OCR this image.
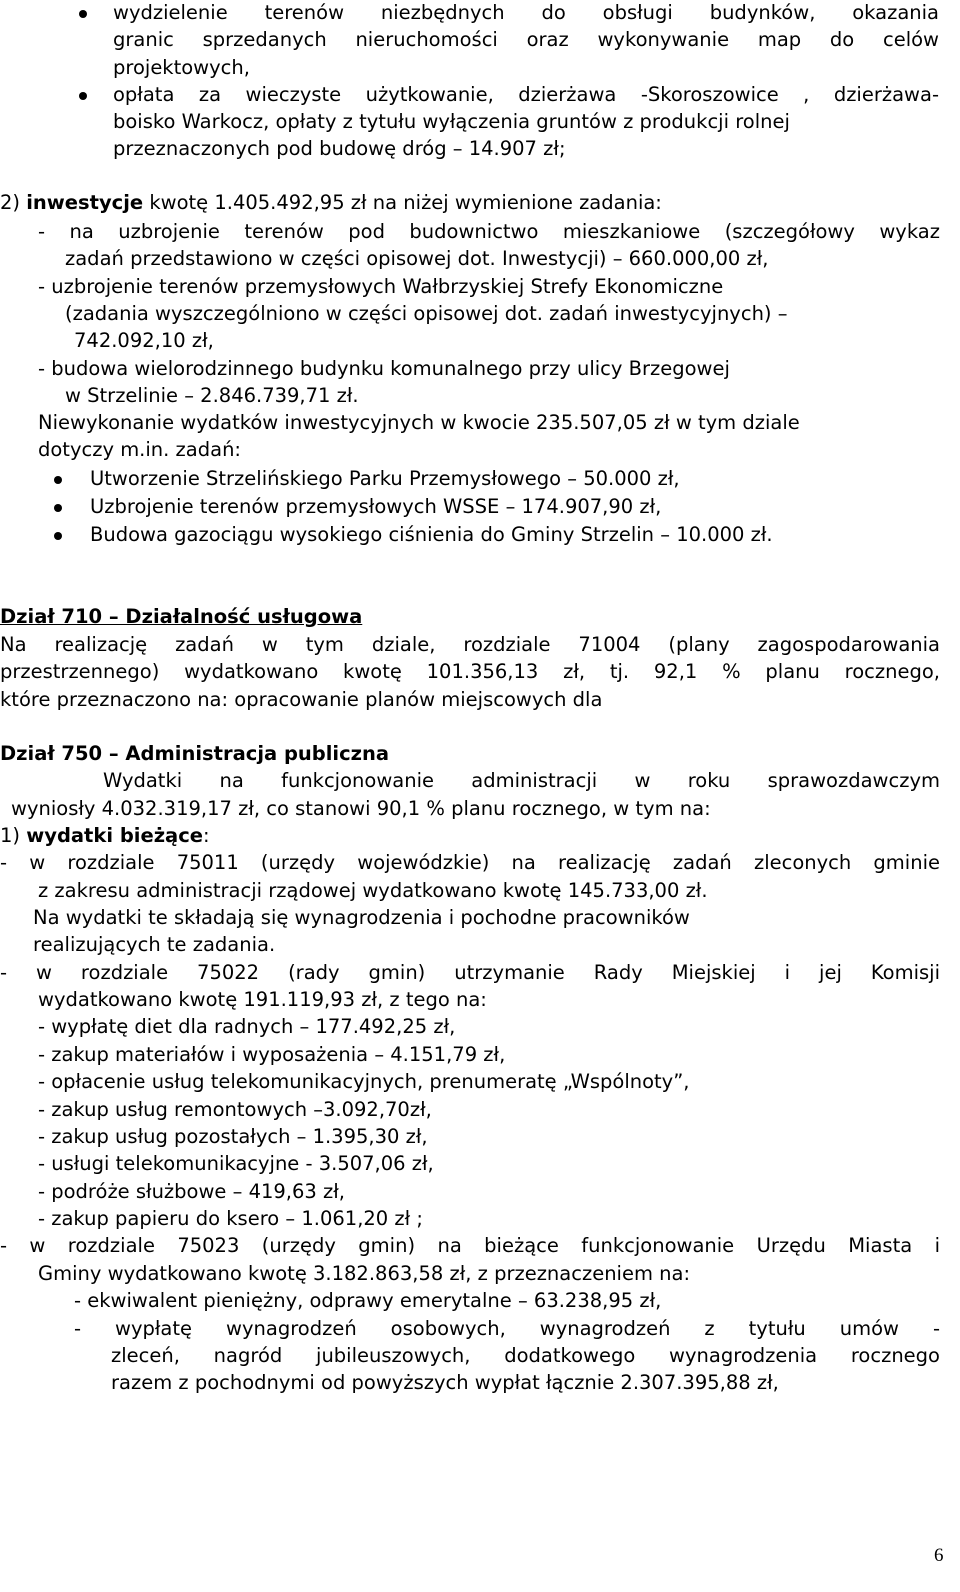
wydzielenie terenów niezbędnych do obsługi budynków, okazania
granic sprzedanych nieruchomości oraz wykonywanie map do celów
projektowych,
opłata za wieczyste użytkowanie, dzierżawa -Skoroszowice , dzierżawa-
boisko Warkocz, opłaty z tytułu wyłączenia gruntów z produkcji rolnej
przeznaczonych pod budowę dróg – 14.907 zł;
2) inwestycje kwotę 1.405.492,95 zł na niżej wymienione zadania:
- na uzbrojenie terenów pod budownictwo mieszkaniowe (szczegółowy wykaz
zadań przedstawiono w części opisowej dot. Inwestycji) – 660.000,00 zł,
- uzbrojenie terenów przemysłowych Wałbrzyskiej Strefy Ekonomiczne
(zadania wyszczególniono w części opisowej dot. zadań inwestycyjnych) –
742.092,10 zł,
- budowa wielorodzinnego budynku komunalnego przy ulicy Brzegowej
w Strzelinie – 2.846.739,71 zł.
Niewykonanie wydatków inwestycyjnych w kwocie 235.507,05 zł w tym dziale
dotyczy m.in. zadań:
Utworzenie Strzelińskiego Parku Przemysłowego – 50.000 zł,
Uzbrojenie terenów przemysłowych WSSE – 174.907,90 zł,
Budowa gazociągu wysokiego ciśnienia do Gminy Strzelin – 10.000 zł.
Dział 710 – Działalność usługowa
Na realizację zadań w tym dziale, rozdziale 71004 (plany zagospodarowania
przestrzennego) wydatkowano kwotę 101.356,13 zł, tj. 92,1 % planu rocznego,
które przeznaczono na: opracowanie planów miejscowych dla
Dział 750 – Administracja publiczna
Wydatki na funkcjonowanie administracji w roku sprawozdawczym
wyniosły 4.032.319,17 zł, co stanowi 90,1 % planu rocznego, w tym na:
1) wydatki bieżące:
- w rozdziale 75011 (urzędy wojewódzkie) na realizację zadań zleconych gminie
z zakresu administracji rządowej wydatkowano kwotę 145.733,00 zł.
Na wydatki te składają się wynagrodzenia i pochodne pracowników
realizujących te zadania.
- w rozdziale 75022 (rady gmin) utrzymanie Rady Miejskiej i jej Komisji
wydatkowano kwotę 191.119,93 zł, z tego na:
- wypłatę diet dla radnych – 177.492,25 zł,
- zakup materiałów i wyposażenia – 4.151,79 zł,
- opłacenie usług telekomunikacyjnych, prenumeratę „Wspólnoty”,
- zakup usług remontowych –3.092,70zł,
- zakup usług pozostałych – 1.395,30 zł,
- usługi telekomunikacyjne - 3.507,06 zł,
- podróże służbowe – 419,63 zł,
- zakup papieru do ksero – 1.061,20 zł ;
- w rozdziale 75023 (urzędy gmin) na bieżące funkcjonowanie Urzędu Miasta i
Gminy wydatkowano kwotę 3.182.863,58 zł, z przeznaczeniem na:
- ekwiwalent pieniężny, odprawy emerytalne – 63.238,95 zł,
- wypłatę wynagrodzeń osobowych, wynagrodzeń z tytułu umów -
zleceń, nagród jubileuszowych, dodatkowego wynagrodzenia rocznego
razem z pochodnymi od powyższych wypłat łącznie 2.307.395,88 zł,
6
